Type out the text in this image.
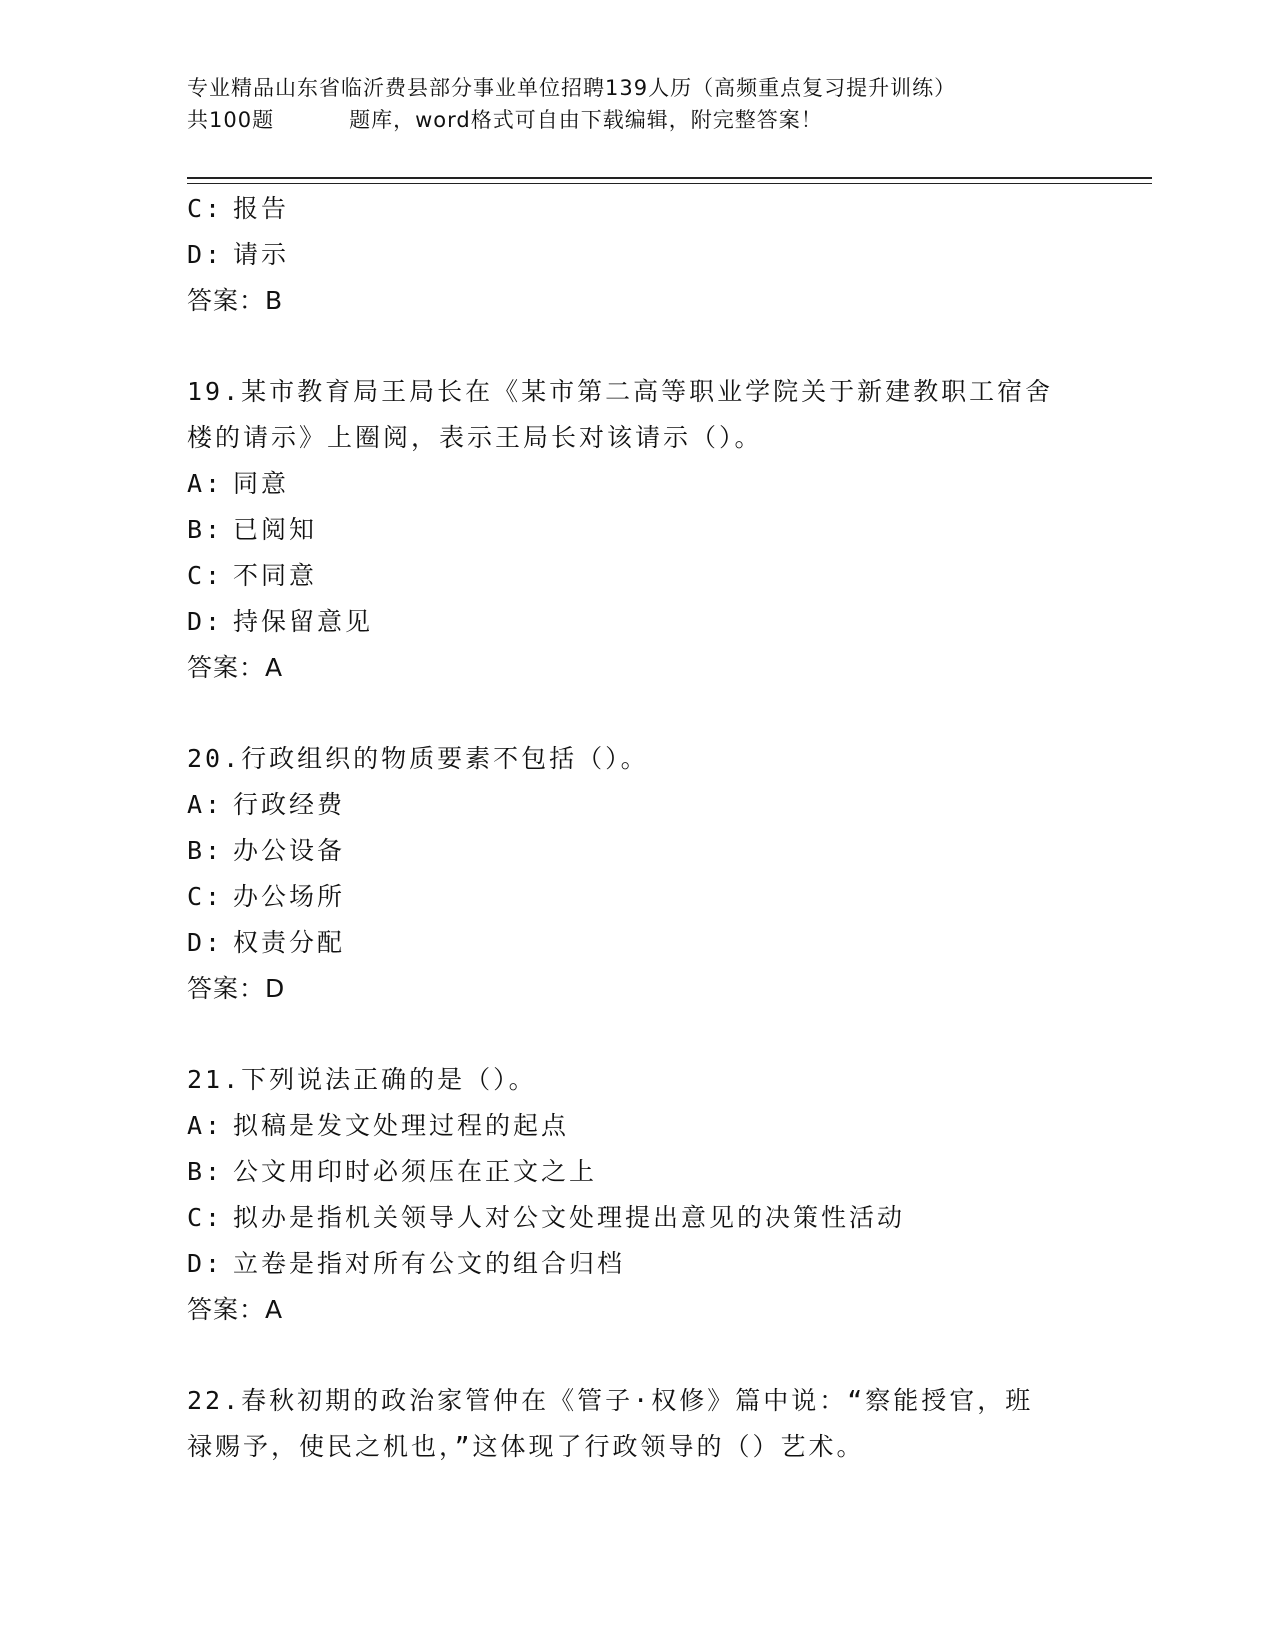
专业精品山东省临沂费县部分事业单位招聘139人历（高频重点复习提升训练）
共100题	题库，word格式可自由下载编辑，附完整答案！
C: 报告
D: 请示
答案：B
19.某市教育局王局长在《某市第二高等职业学院关于新建教职工宿舍
楼的请示》上圈阅，表示王局长对该请示（）。
A: 同意
B: 已阅知
C: 不同意
D: 持保留意见
答案：A
20.行政组织的物质要素不包括（）。
A: 行政经费
B: 办公设备
C: 办公场所
D: 权责分配
答案：D
21.下列说法正确的是（）。
A: 拟稿是发文处理过程的起点
B: 公文用印时必须压在正文之上
C: 拟办是指机关领导人对公文处理提出意见的决策性活动
D: 立卷是指对所有公文的组合归档
答案：A
22.春秋初期的政治家管仲在《管子·权修》篇中说：“察能授官，班
禄赐予，使民之机也，”这体现了行政领导的（）艺术。
